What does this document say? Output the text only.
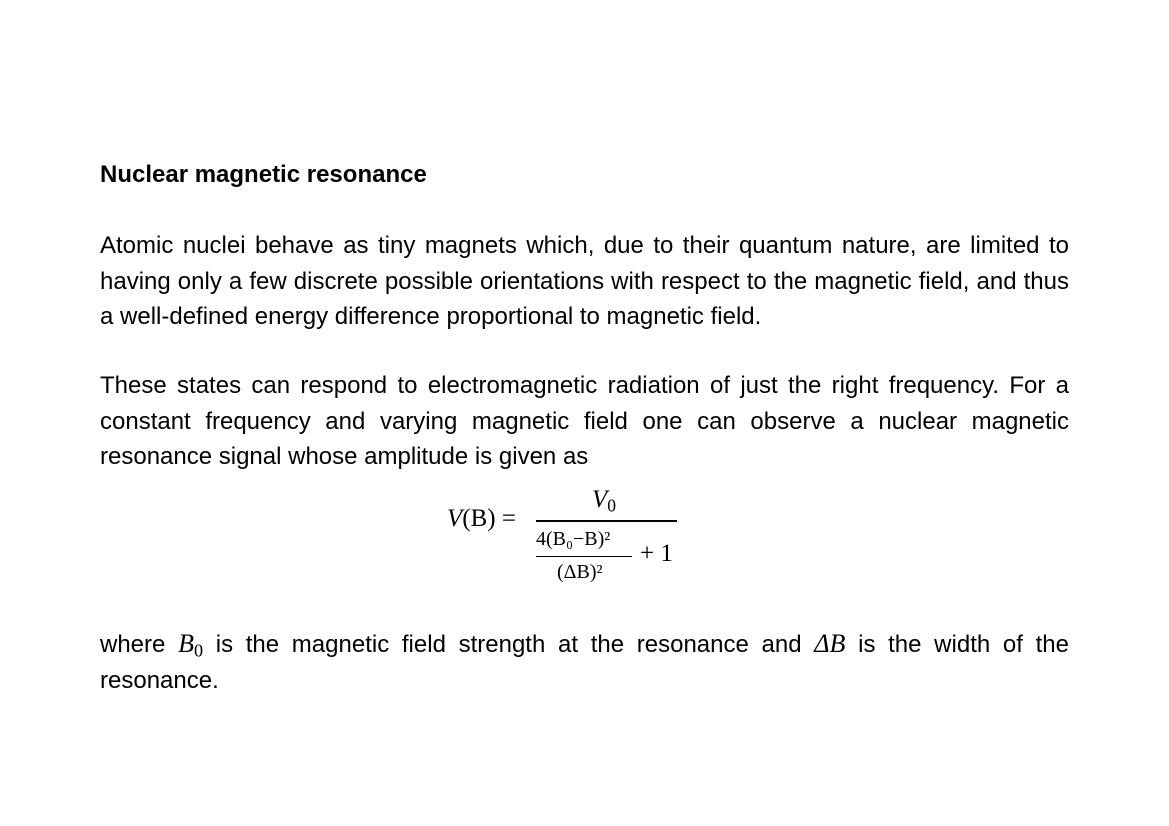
Nuclear magnetic resonance

Atomic nuclei behave as tiny magnets which, due to their quantum nature, are limited to having only a few discrete possible orientations with respect to the magnetic field, and thus a well-defined energy difference proportional to magnetic field.

These states can respond to electromagnetic radiation of just the right frequency. For a constant frequency and varying magnetic field one can observe a nuclear magnetic resonance signal whose amplitude is given as

where $B_0$ is the magnetic field strength at the resonance and ΔB is the width of the resonance.

V(B) =
$V_0$
4(B₀−B)²
(ΔB)²
+ 1
